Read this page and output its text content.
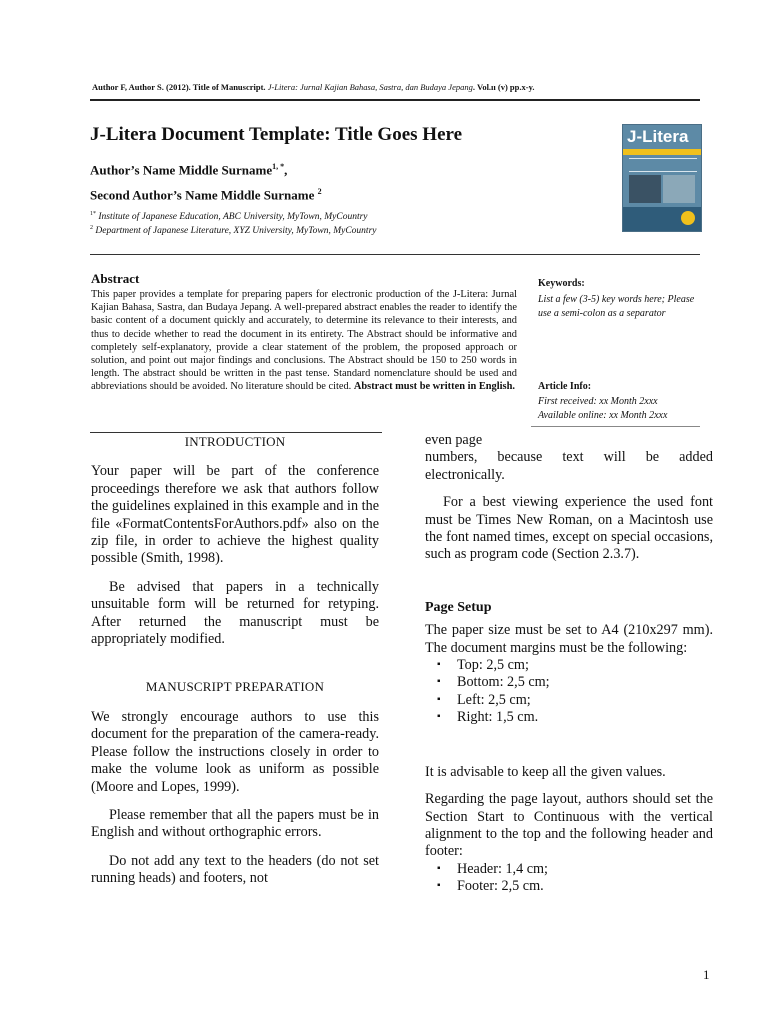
Author F, Author S. (2012). Title of Manuscript. J-Litera: Jurnal Kajian Bahasa, Sastra, dan Budaya Jepang. Vol.ıı (v) pp.x-y.
J-Litera Document Template: Title Goes Here
Author’s Name Middle Surname$^{1, *}$,
Second Author’s Name Middle Surname $^2$
$^{1*}$ Institute of Japanese Education, ABC University, MyTown, MyCountry
$^2$ Department of Japanese Literature, XYZ University, MyTown, MyCountry
J-Litera
Abstract

This paper provides a template for preparing papers for electronic production of the J-Litera: Jurnal Kajian Bahasa, Sastra, dan Budaya Jepang. A well-prepared abstract enables the reader to identify the basic content of a document quickly and accurately, to determine its relevance to their interests, and thus to decide whether to read the document in its entirety. The Abstract should be informative and completely self-explanatory, provide a clear statement of the problem, the proposed approach or solution, and point out major findings and conclusions. The Abstract should be 150 to 250 words in length. The abstract should be written in the past tense. Standard nomenclature should be used and abbreviations should be avoided. No literature should be cited. Abstract must be written in English.

Keywords:

List a few (3-5) key words here; Please use a semi-colon as a separator

Article Info:
First received: xx Month 2xxx
Available online: xx Month 2xxx
INTRODUCTION

Your paper will be part of the conference proceedings therefore we ask that authors follow the guidelines explained in this example and in the file «FormatContentsForAuthors.pdf» also on the zip file, in order to achieve the highest quality possible (Smith, 1998).

Be advised that papers in a technically unsuitable form will be returned for retyping. After returned the manuscript must be appropriately modified.

MANUSCRIPT PREPARATION

We strongly encourage authors to use this document for the preparation of the camera-ready. Please follow the instructions closely in order to make the volume look as uniform as possible (Moore and Lopes, 1999).

Please remember that all the papers must be in English and without orthographic errors.

Do not add any text to the headers (do not set running heads) and footers, not

even page

numbers, because text will be added electronically.

For a best viewing experience the used font must be Times New Roman, on a Macintosh use the font named times, except on special occasions, such as program code (Section 2.3.7).

Page Setup

The paper size must be set to A4 (210x297 mm). The document margins must be the following:

▪ Top: 2,5 cm;
▪ Bottom: 2,5 cm;
▪ Left: 2,5 cm;
▪ Right: 1,5 cm.

It is advisable to keep all the given values.

Regarding the page layout, authors should set the Section Start to Continuous with the vertical alignment to the top and the following header and footer:

▪ Header: 1,4 cm;
▪ Footer: 2,5 cm.
1
